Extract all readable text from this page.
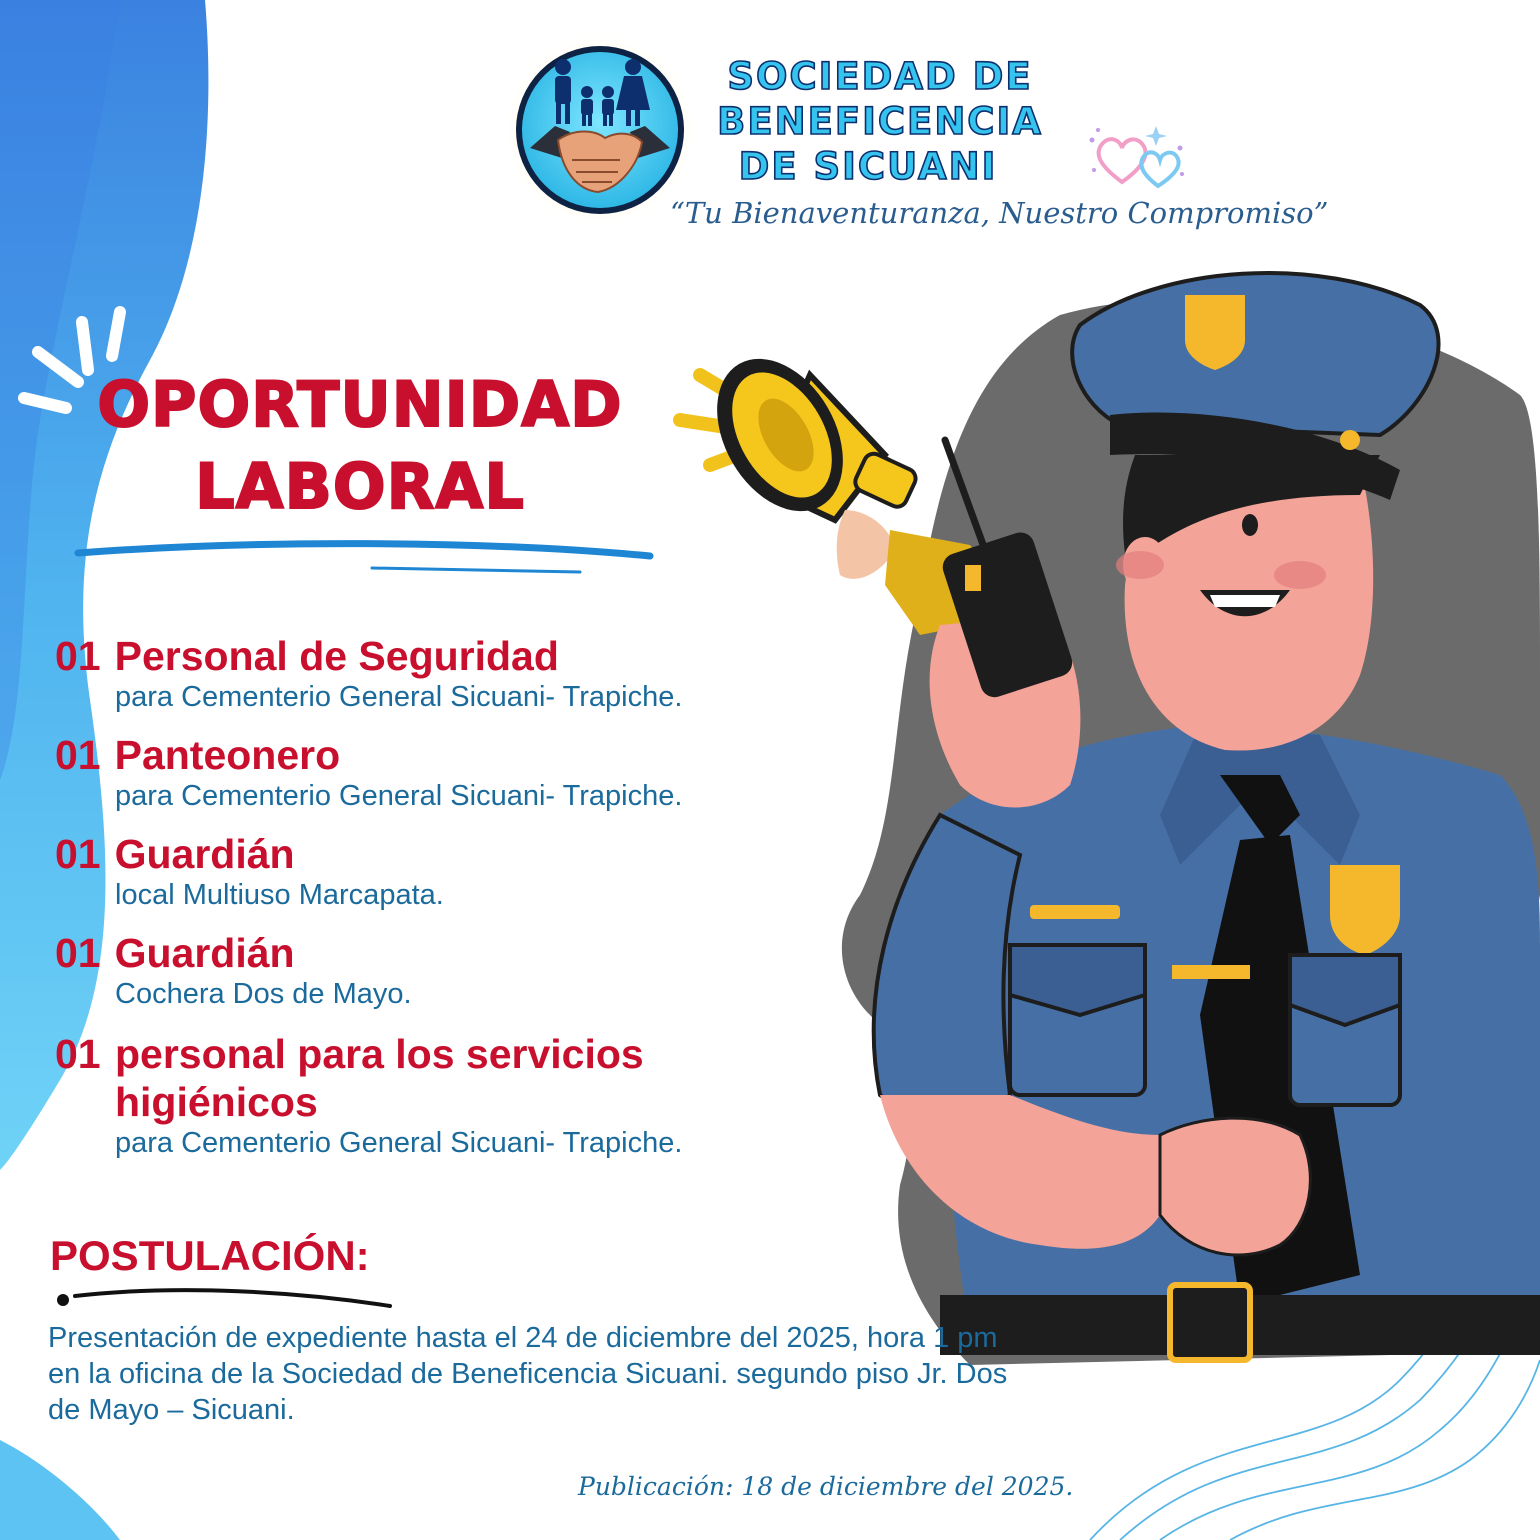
SOCIEDAD DE
BENEFICENCIA
DE SICUANI
“Tu Bienaventuranza, Nuestro Compromiso”
OPORTUNIDAD
LABORAL
01 Personal de Seguridad
para Cementerio General Sicuani- Trapiche.
01 Panteonero
para Cementerio General Sicuani- Trapiche.
01 Guardián
local Multiuso Marcapata.
01 Guardián
Cochera Dos de Mayo.
01 personal para los servicios higiénicos
para Cementerio General Sicuani- Trapiche.
POSTULACIÓN:
Presentación de expediente hasta el 24 de diciembre del 2025, hora 1 pm en la oficina de la Sociedad de Beneficencia Sicuani. segundo piso Jr. Dos de Mayo – Sicuani.
Publicación: 18 de diciembre del 2025.
